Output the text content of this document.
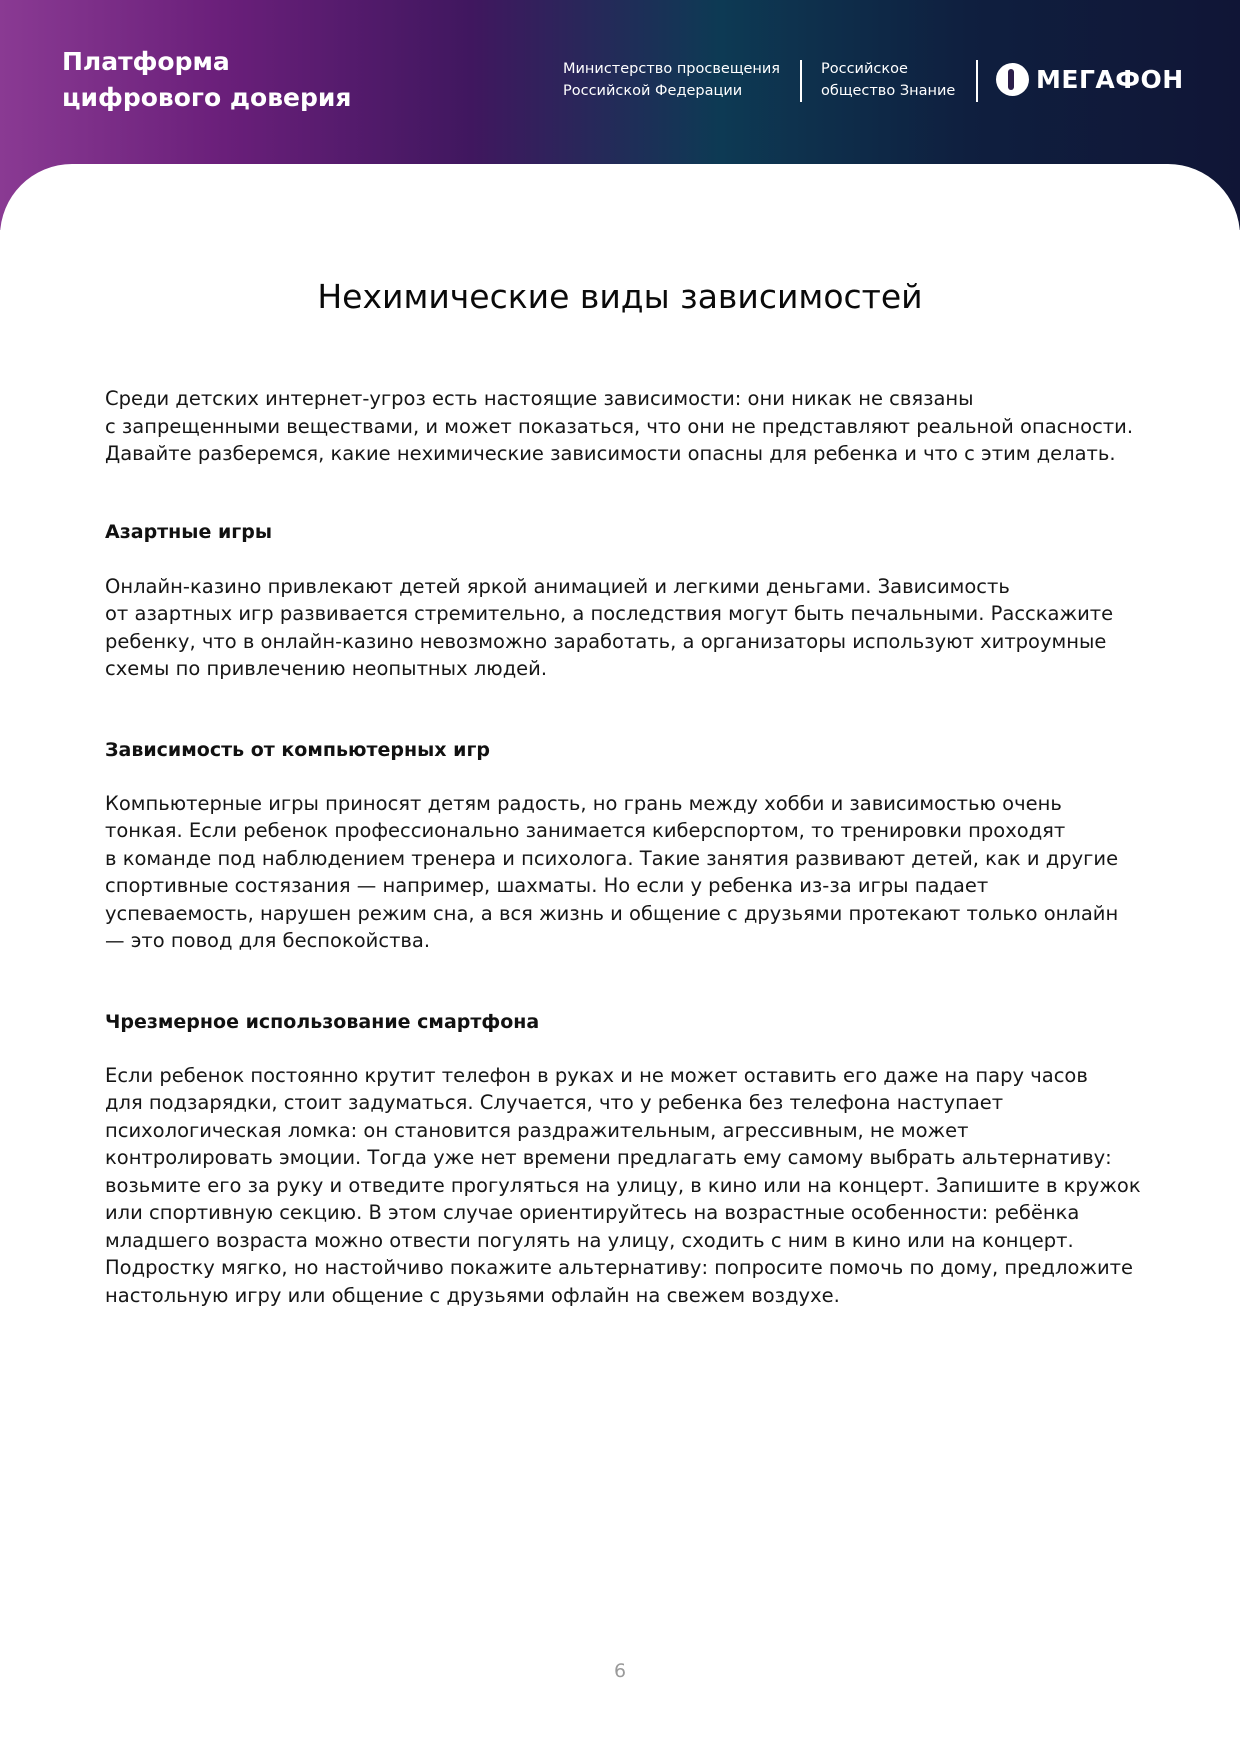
Платформа
цифрового доверия
Министерство просвещения
Российской Федерации
Российское
общество Знание	МЕГАФОН
Нехимические виды зависимостей
Среди детских интернет-угроз есть настоящие зависимости: они никак не связаны
с запрещенными веществами, и может показаться, что они не представляют реальной опасности.
Давайте разберемся, какие нехимические зависимости опасны для ребенка и что с этим делать.
Азартные игры
Онлайн-казино привлекают детей яркой анимацией и легкими деньгами. Зависимость
от азартных игр развивается стремительно, а последствия могут быть печальными. Расскажите
ребенку, что в онлайн-казино невозможно заработать, а организаторы используют хитроумные
схемы по привлечению неопытных людей.
Зависимость от компьютерных игр
Компьютерные игры приносят детям радость, но грань между хобби и зависимостью очень
тонкая. Если ребенок профессионально занимается киберспортом, то тренировки проходят
в команде под наблюдением тренера и психолога. Такие занятия развивают детей, как и другие
спортивные состязания — например, шахматы. Но если у ребенка из-за игры падает
успеваемость, нарушен режим сна, а вся жизнь и общение с друзьями протекают только онлайн
— это повод для беспокойства.
Чрезмерное использование смартфона
Если ребенок постоянно крутит телефон в руках и не может оставить его даже на пару часов
для подзарядки, стоит задуматься. Случается, что у ребенка без телефона наступает
психологическая ломка: он становится раздражительным, агрессивным, не может
контролировать эмоции. Тогда уже нет времени предлагать ему самому выбрать альтернативу:
возьмите его за руку и отведите прогуляться на улицу, в кино или на концерт. Запишите в кружок
или спортивную секцию. В этом случае ориентируйтесь на возрастные особенности: ребёнка
младшего возраста можно отвести погулять на улицу, сходить с ним в кино или на концерт.
Подростку мягко, но настойчиво покажите альтернативу: попросите помочь по дому, предложите
настольную игру или общение с друзьями офлайн на свежем воздухе.
6
